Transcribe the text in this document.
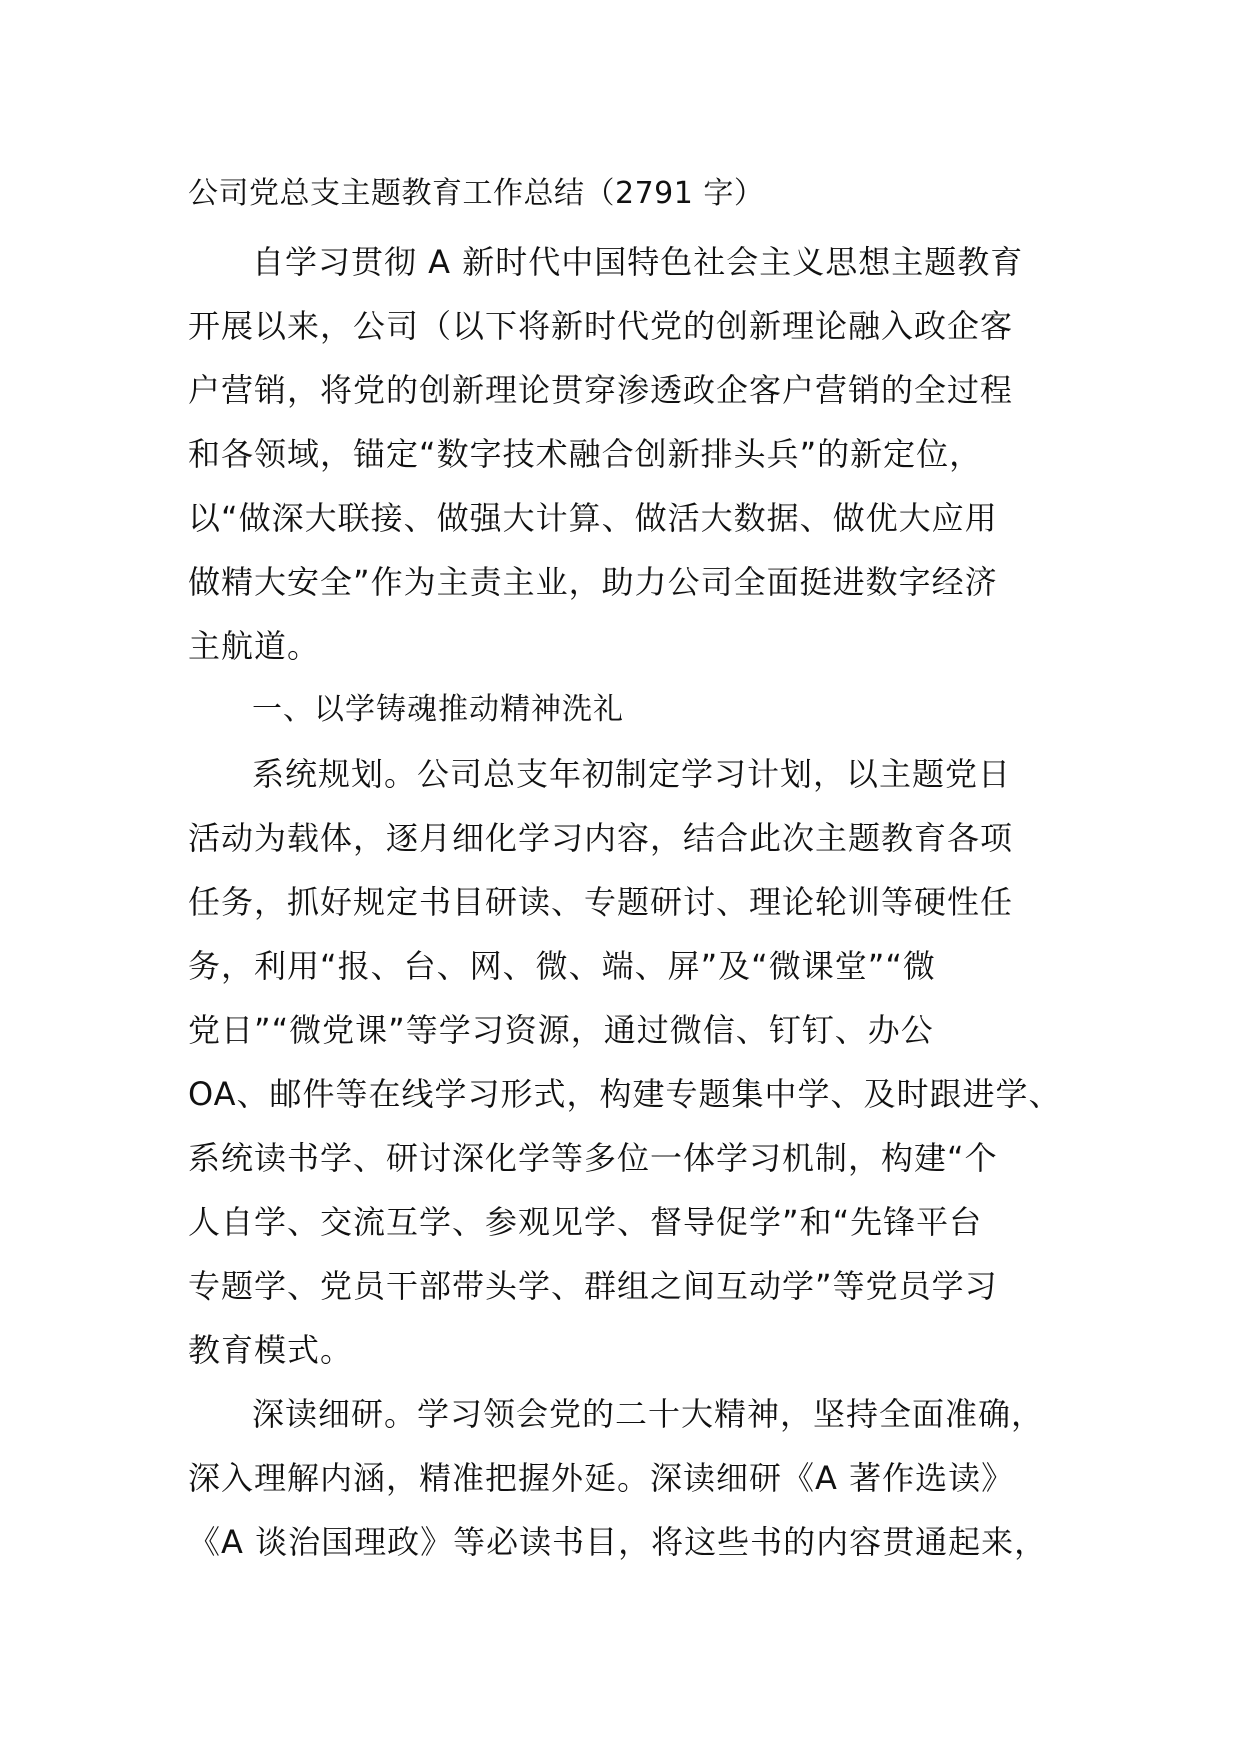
公司党总支主题教育工作总结（2791 字）
自学习贯彻 A 新时代中国特色社会主义思想主题教育
开展以来，公司（以下将新时代党的创新理论融入政企客
户营销，将党的创新理论贯穿渗透政企客户营销的全过程
和各领域，锚定“数字技术融合创新排头兵”的新定位，
以“做深大联接、做强大计算、做活大数据、做优大应用
做精大安全”作为主责主业，助力公司全面挺进数字经济
主航道。
一、以学铸魂推动精神洗礼
系统规划。公司总支年初制定学习计划，以主题党日
活动为载体，逐月细化学习内容，结合此次主题教育各项
任务，抓好规定书目研读、专题研讨、理论轮训等硬性任
务，利用“报、台、网、微、端、屏”及“微课堂”“微
党日”“微党课”等学习资源，通过微信、钉钉、办公
OA、邮件等在线学习形式，构建专题集中学、及时跟进学、
系统读书学、研讨深化学等多位一体学习机制，构建“个
人自学、交流互学、参观见学、督导促学”和“先锋平台
专题学、党员干部带头学、群组之间互动学”等党员学习
教育模式。
深读细研。学习领会党的二十大精神，坚持全面准确，
深入理解内涵，精准把握外延。深读细研《A 著作选读》
《A 谈治国理政》等必读书目，将这些书的内容贯通起来，
